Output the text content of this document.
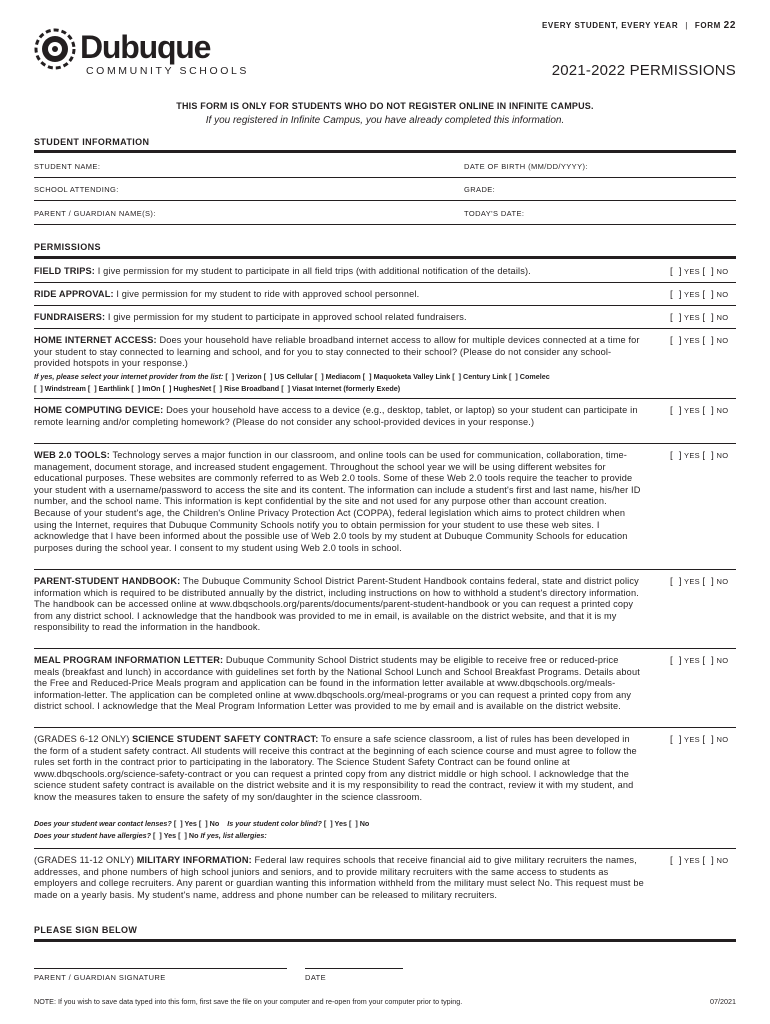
EVERY STUDENT, EVERY YEAR | FORM 22
Dubuque
COMMUNITY SCHOOLS	2021-2022 PERMISSIONS
THIS FORM IS ONLY FOR STUDENTS WHO DO NOT REGISTER ONLINE IN INFINITE CAMPUS.
If you registered in Infinite Campus, you have already completed this information.
STUDENT INFORMATION
STUDENT NAME:	DATE OF BIRTH (MM/DD/YYYY):
SCHOOL ATTENDING:	GRADE:
PARENT / GUARDIAN NAME(S):	TODAY'S DATE:
PERMISSIONS
FIELD TRIPS: I give permission for my student to participate in all field trips (with additional notification of the details).	[  ] YES [  ] NO
RIDE APPROVAL: I give permission for my student to ride with approved school personnel.	[  ] YES [  ] NO
FUNDRAISERS: I give permission for my student to participate in approved school related fundraisers.	[  ] YES [  ] NO
HOME INTERNET ACCESS: Does your household have reliable broadband internet access to allow for multiple devices connected at a time for your student to stay connected to learning and school, and for you to stay connected to their school? (Please do not consider any school-provided hotspots in your response.)
[  ] YES [  ] NO
If yes, please select your internet provider from the list: [  ] Verizon [  ] US Cellular [  ] Mediacom [  ] Maquoketa Valley Link [  ] Century Link [  ] Comelec
[  ] Windstream [  ] Earthlink [  ] ImOn [  ] HughesNet [  ] Rise Broadband [  ] Viasat Internet (formerly Exede)
HOME COMPUTING DEVICE: Does your household have access to a device (e.g., desktop, tablet, or laptop) so your student can participate in remote learning and/or completing homework? (Please do not consider any school-provided devices in your response.)
[  ] YES [  ] NO
WEB 2.0 TOOLS: Technology serves a major function in our classroom, and online tools can be used for communication, collaboration, time-management, document storage, and increased student engagement. Throughout the school year we will be using different websites for educational purposes. These websites are commonly referred to as Web 2.0 tools. Some of these Web 2.0 tools require the teacher to provide your student with a username/password to access the site and its content. The information can include a student's first and last name, his/her ID number, and the school name. This information is kept confidential by the site and not used for any purpose other than account creation. Because of your student's age, the Children's Online Privacy Protection Act (COPPA), federal legislation which aims to protect children when using the Internet, requires that Dubuque Community Schools notify you to obtain permission for your student to use these web sites. I acknowledge that I have been informed about the possible use of Web 2.0 tools by my student at Dubuque Community Schools for education purposes during the school year. I consent to my student using Web 2.0 tools in school.
[  ] YES [  ] NO
PARENT-STUDENT HANDBOOK: The Dubuque Community School District Parent-Student Handbook contains federal, state and district policy information which is required to be distributed annually by the district, including instructions on how to withhold a student's directory information. The handbook can be accessed online at www.dbqschools.org/parents/documents/parent-student-handbook or you can request a printed copy from any district school. I acknowledge that the handbook was provided to me in email, is available on the district website, and that it is my responsibility to read the information in the handbook.
[  ] YES [  ] NO
MEAL PROGRAM INFORMATION LETTER: Dubuque Community School District students may be eligible to receive free or reduced-price meals (breakfast and lunch) in accordance with guidelines set forth by the National School Lunch and School Breakfast Programs. Details about the Free and Reduced-Price Meals program and application can be found in the information letter available at www.dbqschools.org/meals-information-letter. The application can be completed online at www.dbqschools.org/meal-programs or you can request a printed copy from any district school. I acknowledge that the Meal Program Information Letter was provided to me by email and is available on the district website.
[  ] YES [  ] NO
(GRADES 6-12 ONLY) SCIENCE STUDENT SAFETY CONTRACT: To ensure a safe science classroom, a list of rules has been developed in the form of a student safety contract. All students will receive this contract at the beginning of each science course and must agree to follow the rules set forth in the contract prior to participating in the laboratory. The Science Student Safety Contract can be found online at www.dbqschools.org/science-safety-contract or you can request a printed copy from any district middle or high school. I acknowledge that the science student safety contract is available on the district website and it is my responsibility to read the contract, review it with my student, and know the measures taken to ensure the safety of my son/daughter in the science classroom.
[  ] YES [  ] NO
Does your student wear contact lenses? [  ] Yes [  ] No Is your student color blind? [  ] Yes [  ] No
Does your student have allergies? [  ] Yes [  ] No If yes, list allergies:
(GRADES 11-12 ONLY) MILITARY INFORMATION: Federal law requires schools that receive financial aid to give military recruiters the names, addresses, and phone numbers of high school juniors and seniors, and to provide military recruiters with the same access to students as employers and college recruiters. Any parent or guardian wanting this information withheld from the military must select No. This request must be made on a yearly basis. My student's name, address and phone number can be released to military recruiters.
[  ] YES [  ] NO
PLEASE SIGN BELOW
PARENT / GUARDIAN SIGNATURE	DATE
NOTE: If you wish to save data typed into this form, first save the file on your computer and re-open from your computer prior to typing.	07/2021
